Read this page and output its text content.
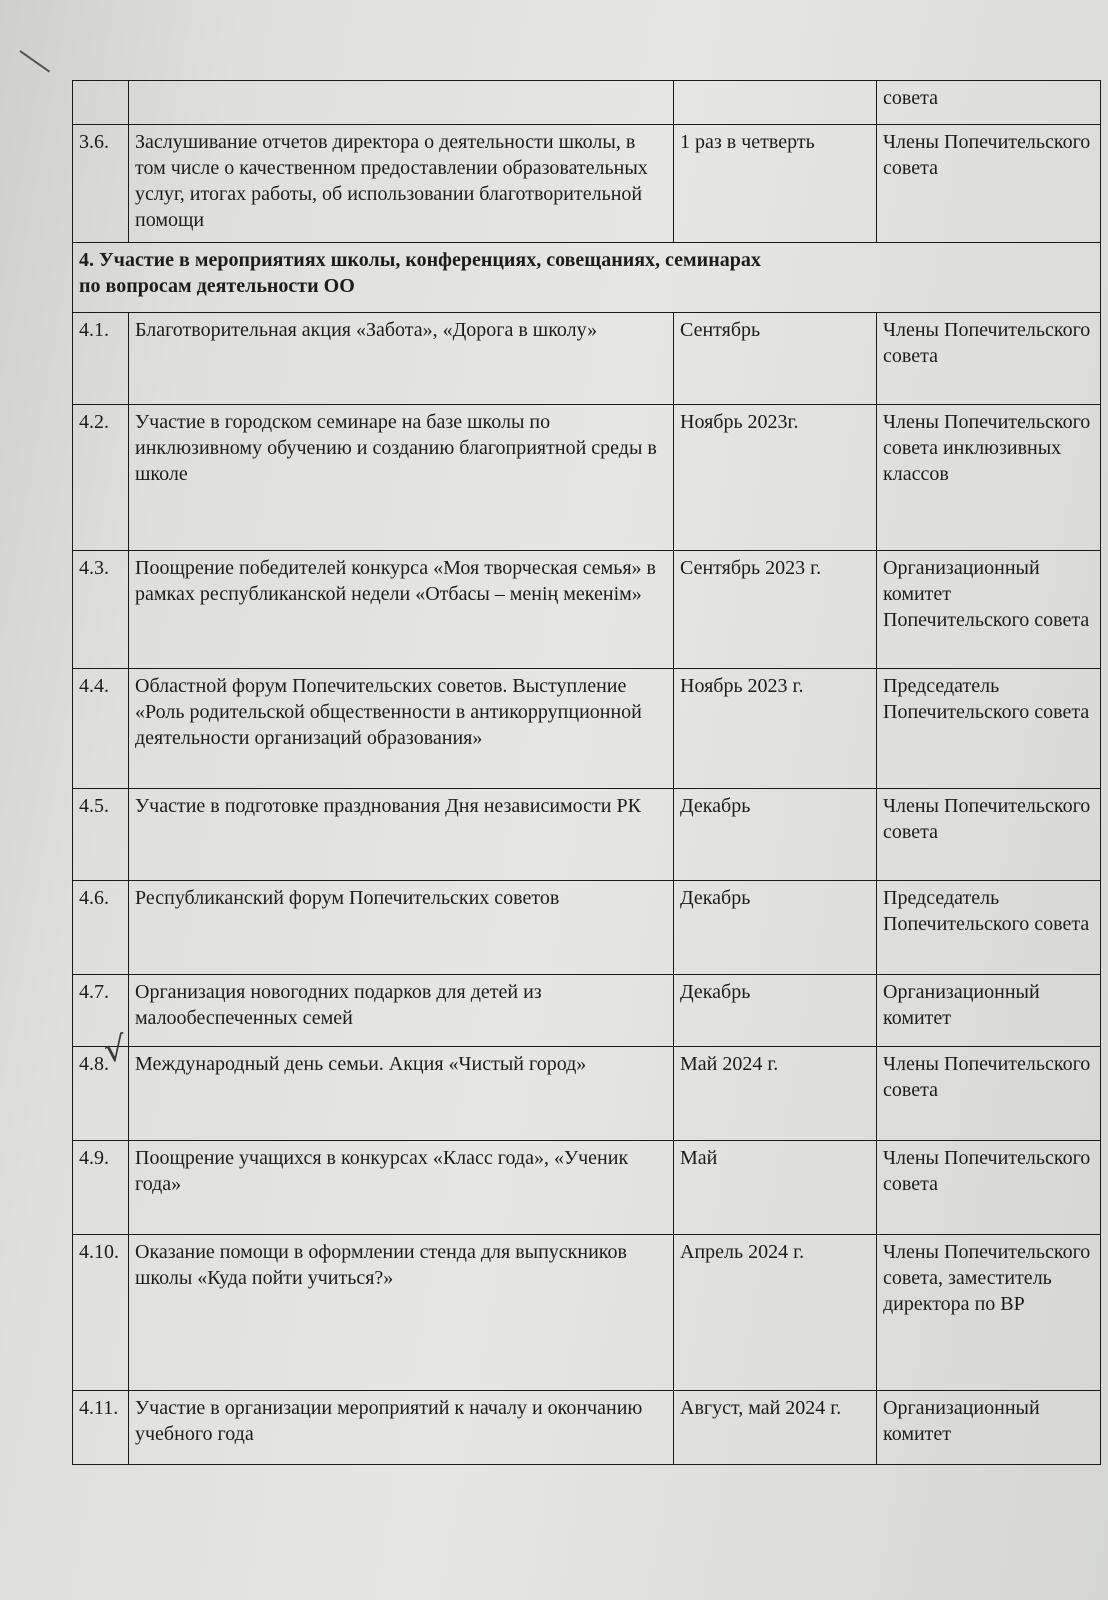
			совета
3.6.	Заслушивание отчетов директора о деятельности школы, в том числе о качественном предоставлении образовательных услуг, итогах работы, об использовании благотворительной помощи	1 раз в четверть	Члены Попечительского совета

4. Участие в мероприятиях школы, конференциях, совещаниях, семинарах
по вопросам деятельности ОО			

4.1.	Благотворительная акция «Забота», «Дорога в школу»	Сентябрь	Члены Попечительского совета
4.2.	Участие в городском семинаре на базе школы по инклюзивному обучению и созданию благоприятной среды в школе	Ноябрь 2023г.	Члены Попечительского совета инклюзивных классов
4.3.	Поощрение победителей конкурса «Моя творческая семья» в рамках республиканской недели «Отбасы – менің мекенім»	Сентябрь 2023 г.	Организационный комитет Попечительского совета
4.4.	Областной форум Попечительских советов. Выступление «Роль родительской общественности в антикоррупционной деятельности организаций образования»	Ноябрь 2023 г.	Председатель Попечительского совета
4.5.	Участие в подготовке празднования Дня независимости РК	Декабрь	Члены Попечительского совета
4.6.	Республиканский форум Попечительских советов	Декабрь	Председатель Попечительского совета
4.7.	Организация новогодних подарков для детей из малообеспеченных семей	Декабрь	Организационный комитет
4.8.	Международный день семьи. Акция «Чистый город»	Май 2024 г.	Члены Попечительского совета
4.9.	Поощрение учащихся в конкурсах «Класс года», «Ученик года»	Май	Члены Попечительского совета
4.10.	Оказание помощи в оформлении стенда для выпускников школы «Куда пойти учиться?»	Апрель 2024 г.	Члены Попечительского совета, заместитель директора по ВР
4.11.	Участие в организации мероприятий к началу и окончанию учебного года	Август, май 2024 г.	Организационный комитет
√
